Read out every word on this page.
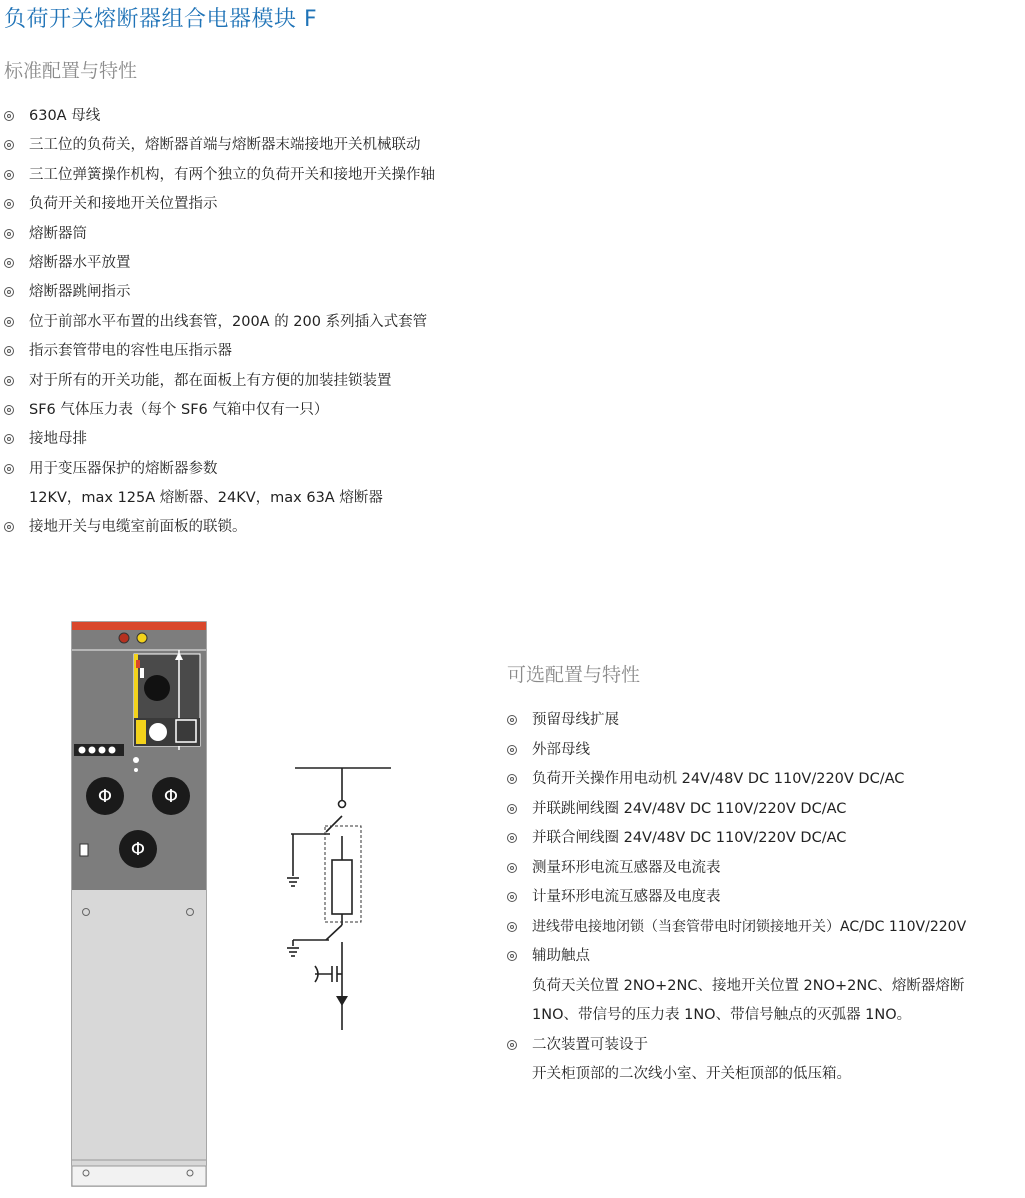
负荷开关熔断器组合电器模块 F
标准配置与特性
630A 母线
三工位的负荷关，熔断器首端与熔断器末端接地开关机械联动
三工位弹簧操作机构，有两个独立的负荷开关和接地开关操作轴
负荷开关和接地开关位置指示
熔断器筒
熔断器水平放置
熔断器跳闸指示
位于前部水平布置的出线套管，200A 的 200 系列插入式套管
指示套管带电的容性电压指示器
对于所有的开关功能，都在面板上有方便的加装挂锁装置
SF6 气体压力表（每个 SF6 气箱中仅有一只）
接地母排
用于变压器保护的熔断器参数
12KV，max 125A 熔断器、24KV，max 63A 熔断器
接地开关与电缆室前面板的联锁。
Φ	Φ
Φ
可选配置与特性
预留母线扩展
外部母线
负荷开关操作用电动机 24V/48V DC 110V/220V DC/AC
并联跳闸线圈 24V/48V DC 110V/220V DC/AC
并联合闸线圈 24V/48V DC 110V/220V DC/AC
测量环形电流互感器及电流表
计量环形电流互感器及电度表
进线带电接地闭锁（当套管带电时闭锁接地开关）AC/DC 110V/220V
辅助触点
负荷天关位置 2NO+2NC、接地开关位置 2NO+2NC、熔断器熔断
1NO、带信号的压力表 1NO、带信号触点的灭弧器 1NO。
二次装置可装设于
开关柜顶部的二次线小室、开关柜顶部的低压箱。
